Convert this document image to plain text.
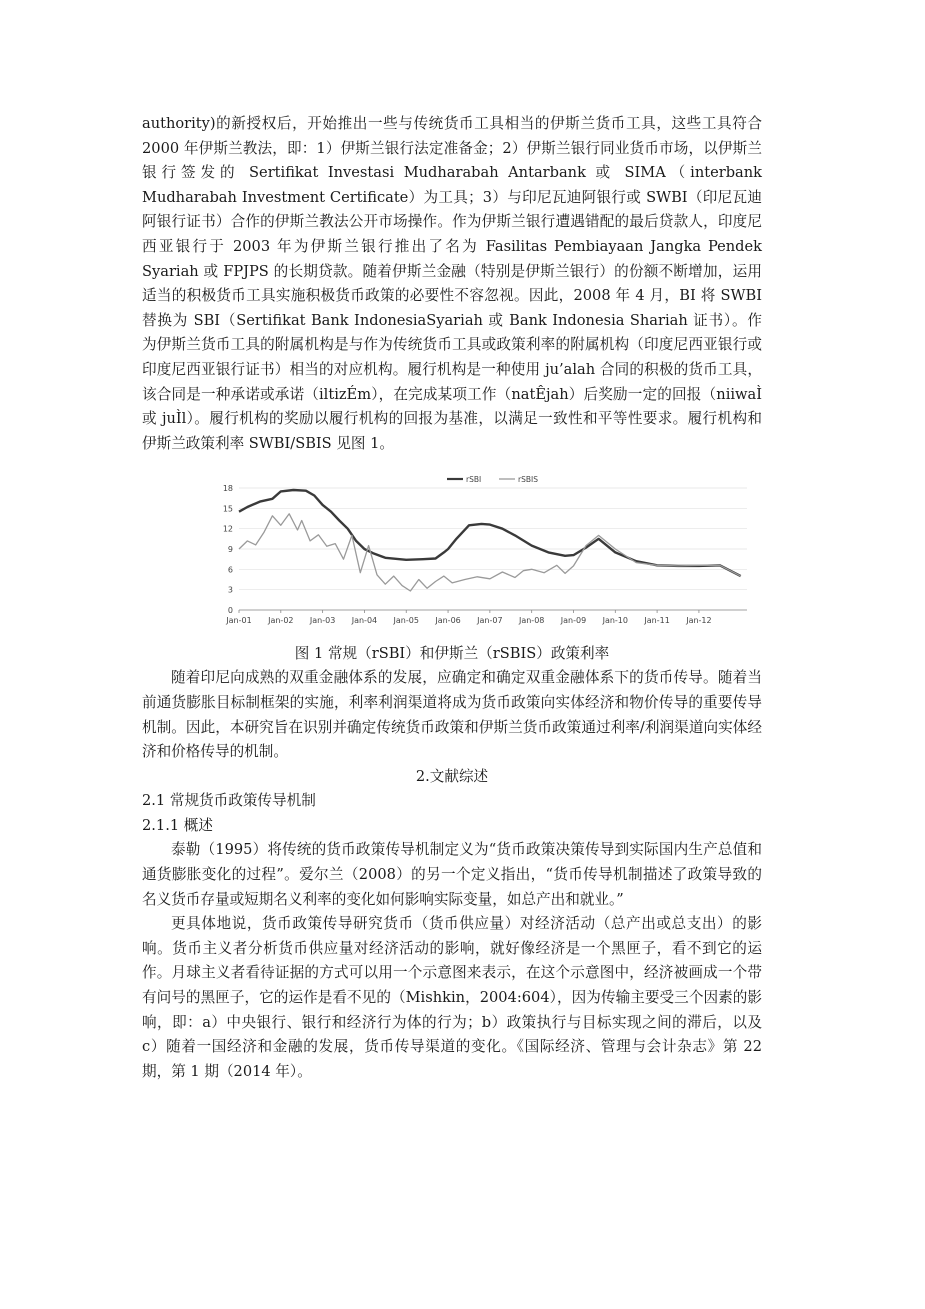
authority)的新授权后，开始推出一些与传统货币工具相当的伊斯兰货币工具，这些工具符合 2000 年伊斯兰教法，即：1）伊斯兰银行法定准备金；2）伊斯兰银行同业货币市场，以伊斯兰银行签发的 Sertifikat Investasi Mudharabah Antarbank 或 SIMA（interbank Mudharabah Investment Certificate）为工具；3）与印尼瓦迪阿银行或 SWBI（印尼瓦迪阿银行证书）合作的伊斯兰教法公开市场操作。作为伊斯兰银行遭遇错配的最后贷款人，印度尼西亚银行于 2003 年为伊斯兰银行推出了名为 Fasilitas Pembiayaan Jangka Pendek Syariah 或 FPJPS 的长期贷款。随着伊斯兰金融（特别是伊斯兰银行）的份额不断增加，运用适当的积极货币工具实施积极货币政策的必要性不容忽视。因此，2008 年 4 月，BI 将 SWBI 替换为 SBI（Sertifikat Bank IndonesiaSyariah 或 Bank Indonesia Shariah 证书）。作为伊斯兰货币工具的附属机构是与作为传统货币工具或政策利率的附属机构（印度尼西亚银行或印度尼西亚银行证书）相当的对应机构。履行机构是一种使用 ju’alah 合同的积极的货币工具，该合同是一种承诺或承诺（iltizÉm），在完成某项工作（natÊjah）后奖励一定的回报（niiwaÌ 或 juÌl）。履行机构的奖励以履行机构的回报为基准，以满足一致性和平等性要求。履行机构和伊斯兰政策利率 SWBI/SBIS 见图 1。

0
3
6
9
12
15
18
Jan-01 Jan-02 Jan-03 Jan-04 Jan-05 Jan-06 Jan-07 Jan-08 Jan-09 Jan-10 Jan-11 Jan-12
rSBI	rSBIS

图 1 常规（rSBI）和伊斯兰（rSBIS）政策利率

随着印尼向成熟的双重金融体系的发展，应确定和确定双重金融体系下的货币传导。随着当前通货膨胀目标制框架的实施，利率利润渠道将成为货币政策向实体经济和物价传导的重要传导机制。因此，本研究旨在识别并确定传统货币政策和伊斯兰货币政策通过利率/利润渠道向实体经济和价格传导的机制。

2.文献综述

2.1 常规货币政策传导机制

2.1.1 概述

泰勒（1995）将传统的货币政策传导机制定义为“货币政策决策传导到实际国内生产总值和通货膨胀变化的过程”。爱尔兰（2008）的另一个定义指出，“货币传导机制描述了政策导致的名义货币存量或短期名义利率的变化如何影响实际变量，如总产出和就业。”

更具体地说，货币政策传导研究货币（货币供应量）对经济活动（总产出或总支出）的影响。货币主义者分析货币供应量对经济活动的影响，就好像经济是一个黑匣子，看不到它的运作。月球主义者看待证据的方式可以用一个示意图来表示，在这个示意图中，经济被画成一个带有问号的黑匣子，它的运作是看不见的（Mishkin，2004:604），因为传输主要受三个因素的影响，即：a）中央银行、银行和经济行为体的行为；b）政策执行与目标实现之间的滞后，以及 c）随着一国经济和金融的发展，货币传导渠道的变化。《国际经济、管理与会计杂志》第 22 期，第 1 期（2014 年）。
